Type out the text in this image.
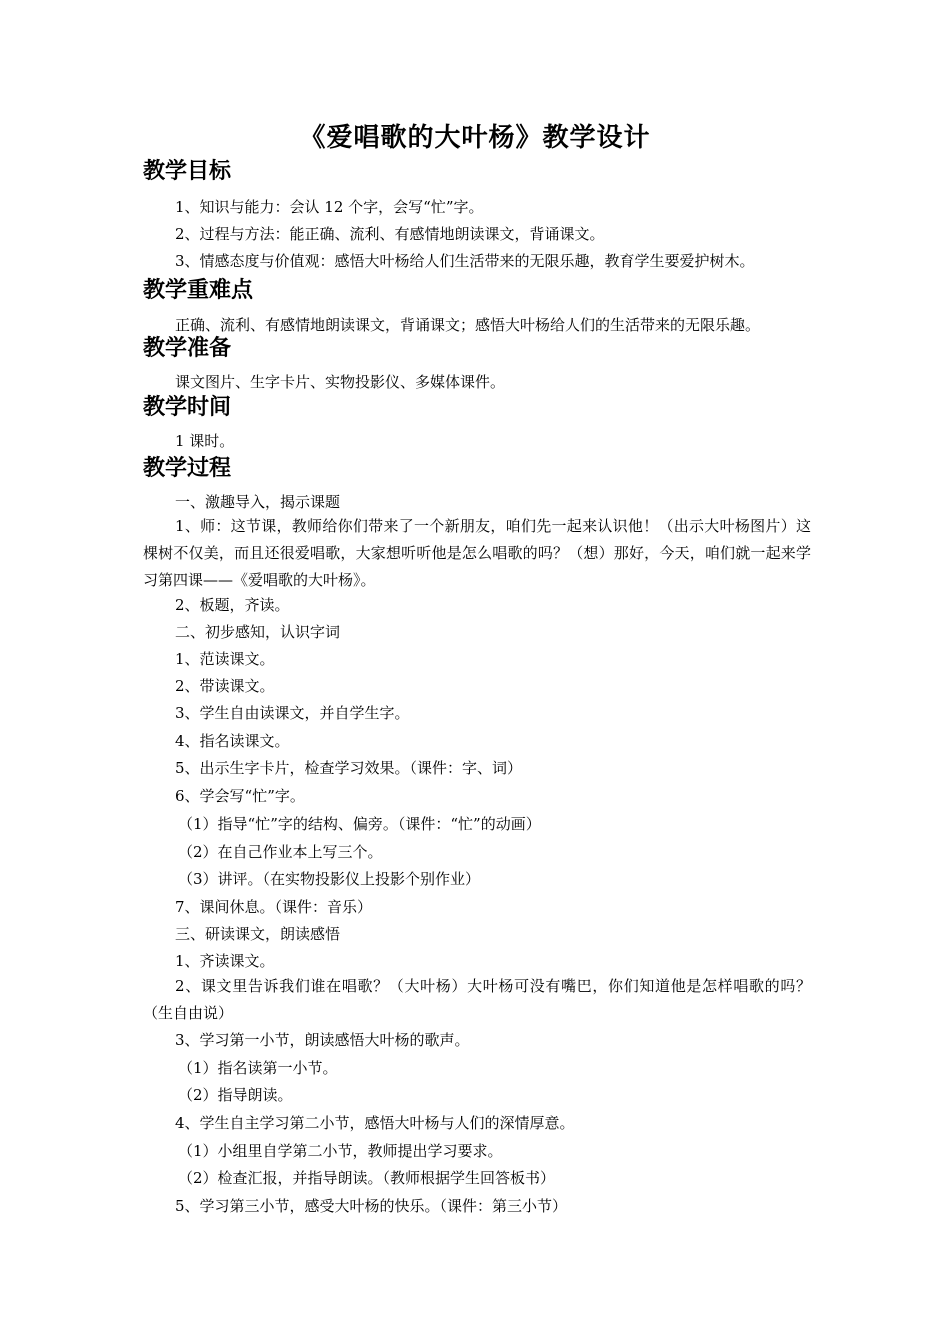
《爱唱歌的大叶杨》教学设计
教学目标
1、知识与能力：会认 12 个字，会写“忙”字。
2、过程与方法：能正确、流利、有感情地朗读课文，背诵课文。
3、情感态度与价值观：感悟大叶杨给人们生活带来的无限乐趣，教育学生要爱护树木。
教学重难点
正确、流利、有感情地朗读课文，背诵课文；感悟大叶杨给人们的生活带来的无限乐趣。
教学准备
课文图片、生字卡片、实物投影仪、多媒体课件。
教学时间
1 课时。
教学过程
一、激趣导入，揭示课题
1、师：这节课，教师给你们带来了一个新朋友，咱们先一起来认识他！（出示大叶杨图片）这棵树不仅美，而且还很爱唱歌，大家想听听他是怎么唱歌的吗？（想）那好，今天，咱们就一起来学习第四课——《爱唱歌的大叶杨》。
2、板题，齐读。
二、初步感知，认识字词
1、范读课文。
2、带读课文。
3、学生自由读课文，并自学生字。
4、指名读课文。
5、出示生字卡片，检查学习效果。（课件：字、词）
6、学会写“忙”字。
（1）指导“忙”字的结构、偏旁。（课件：“忙”的动画）
（2）在自己作业本上写三个。
（3）讲评。（在实物投影仪上投影个别作业）
7、课间休息。（课件：音乐）
三、研读课文，朗读感悟
1、齐读课文。
2、课文里告诉我们谁在唱歌？（大叶杨）大叶杨可没有嘴巴，你们知道他是怎样唱歌的吗？（生自由说）
3、学习第一小节，朗读感悟大叶杨的歌声。
（1）指名读第一小节。
（2）指导朗读。
4、学生自主学习第二小节，感悟大叶杨与人们的深情厚意。
（1）小组里自学第二小节，教师提出学习要求。
（2）检查汇报，并指导朗读。（教师根据学生回答板书）
5、学习第三小节，感受大叶杨的快乐。（课件：第三小节）
